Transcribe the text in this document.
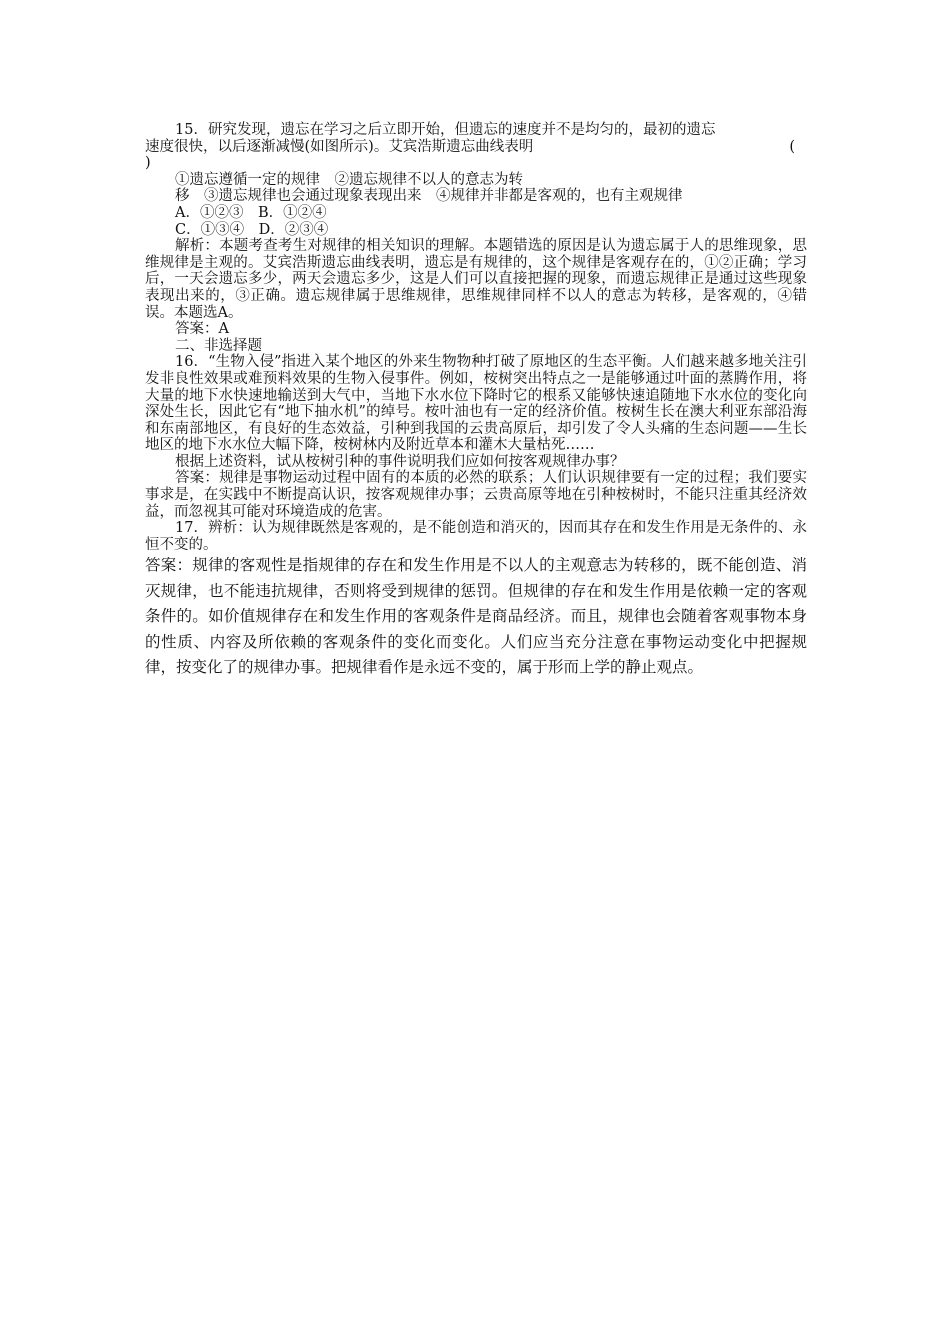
15．研究发现，遗忘在学习之后立即开始，但遗忘的速度并不是均匀的，最初的遗忘

速度很快，以后逐渐减慢(如图所示)。艾宾浩斯遗忘曲线表明	(

)

①遗忘遵循一定的规律　②遗忘规律不以人的意志为转

移　③遗忘规律也会通过现象表现出来　④规律并非都是客观的，也有主观规律

A．①②③　B．①②④

C．①③④　D．②③④

解析：本题考查考生对规律的相关知识的理解。本题错选的原因是认为遗忘属于人的思维现象，思维规律是主观的。艾宾浩斯遗忘曲线表明，遗忘是有规律的，这个规律是客观存在的，①②正确；学习后，一天会遗忘多少，两天会遗忘多少，这是人们可以直接把握的现象，而遗忘规律正是通过这些现象表现出来的，③正确。遗忘规律属于思维规律，思维规律同样不以人的意志为转移，是客观的，④错误。本题选A。

答案：A

二、非选择题

16．“生物入侵”指进入某个地区的外来生物物种打破了原地区的生态平衡。人们越来越多地关注引发非良性效果或难预料效果的生物入侵事件。例如，桉树突出特点之一是能够通过叶面的蒸腾作用，将大量的地下水快速地输送到大气中，当地下水水位下降时它的根系又能够快速追随地下水水位的变化向深处生长，因此它有“地下抽水机”的绰号。桉叶油也有一定的经济价值。桉树生长在澳大利亚东部沿海和东南部地区，有良好的生态效益，引种到我国的云贵高原后，却引发了令人头痛的生态问题——生长地区的地下水水位大幅下降，桉树林内及附近草本和灌木大量枯死……

根据上述资料，试从桉树引种的事件说明我们应如何按客观规律办事？

答案：规律是事物运动过程中固有的本质的必然的联系；人们认识规律要有一定的过程；我们要实事求是，在实践中不断提高认识，按客观规律办事；云贵高原等地在引种桉树时，不能只注重其经济效益，而忽视其可能对环境造成的危害。

17．辨析：认为规律既然是客观的，是不能创造和消灭的，因而其存在和发生作用是无条件的、永恒不变的。

答案：规律的客观性是指规律的存在和发生作用是不以人的主观意志为转移的，既不能创造、消灭规律，也不能违抗规律，否则将受到规律的惩罚。但规律的存在和发生作用是依赖一定的客观条件的。如价值规律存在和发生作用的客观条件是商品经济。而且，规律也会随着客观事物本身的性质、内容及所依赖的客观条件的变化而变化。人们应当充分注意在事物运动变化中把握规律，按变化了的规律办事。把规律看作是永远不变的，属于形而上学的静止观点。
